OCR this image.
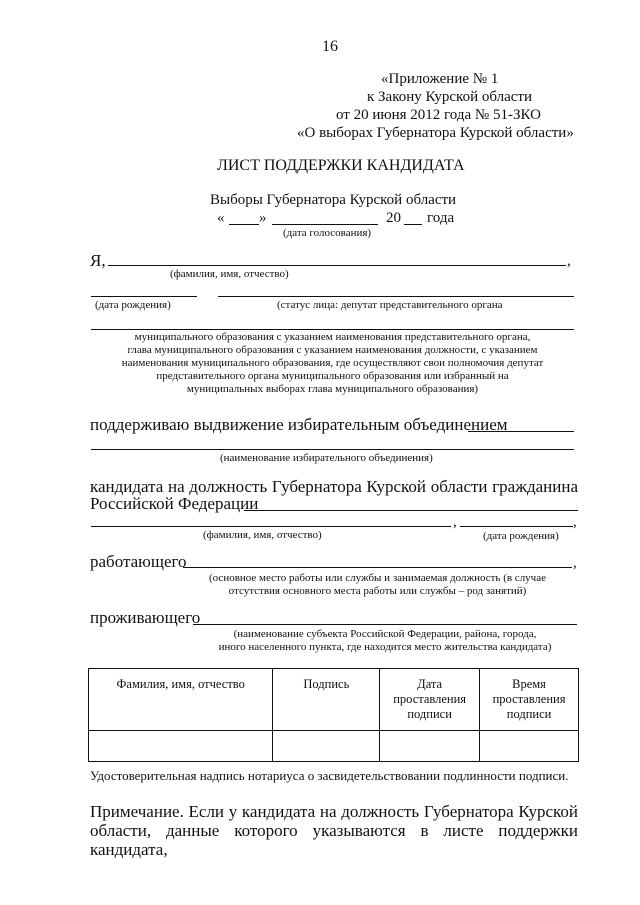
16
«Приложение № 1
к Закону Курской области
от 20 июня 2012 года № 51-ЗКО
«О выборах Губернатора Курской области»
ЛИСТ ПОДДЕРЖКИ КАНДИДАТА
Выборы Губернатора Курской области
« »	20 года
(дата голосования)
Я,	,
(фамилия, имя, отчество)
(дата рождения)	(статус лица: депутат представительного органа
муниципального образования с указанием наименования представительного органа,
глава муниципального образования с указанием наименования должности, с указанием
наименования муниципального образования, где осуществляют свои полномочия депутат
представительного органа муниципального образования или избранный на
муниципальных выборах глава муниципального образования)
поддерживаю выдвижение избирательным объединением
(наименование избирательного объединения)
кандидата на должность Губернатора Курской области гражданина
Российской Федерации
,	,
(фамилия, имя, отчество)	(дата рождения)
работающего	,
(основное место работы или службы и занимаемая должность (в случае
отсутствия основного места работы или службы – род занятий)
проживающего
(наименование субъекта Российской Федерации, района, города,
иного населенного пункта, где находится место жительства кандидата)
Фамилия, имя, отчество	Подпись	Дата проставления подписи	Время проставления подписи

Удостоверительная надпись нотариуса о засвидетельствовании подлинности подписи.
Примечание. Если у кандидата на должность Губернатора Курской
области, данные которого указываются в листе поддержки кандидата,
